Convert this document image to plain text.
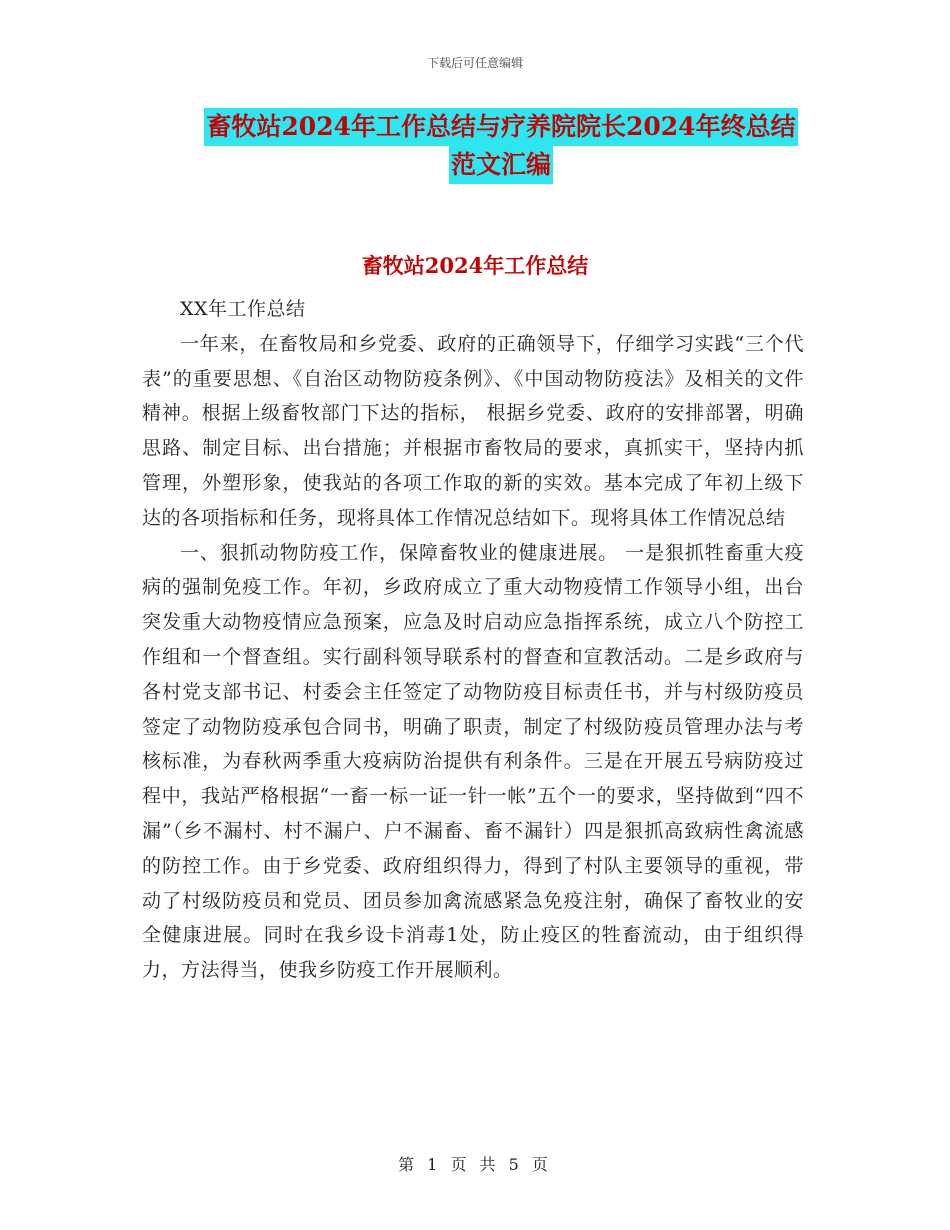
下载后可任意编辑
畜牧站2024年工作总结与疗养院院长2024年终总结
范文汇编
畜牧站2024年工作总结

XX年工作总结

一年来，在畜牧局和乡党委、政府的正确领导下，仔细学习实践“三个代表”的重要思想、《自治区动物防疫条例》、《中国动物防疫法》及相关的文件精神。根据上级畜牧部门下达的指标， 根据乡党委、政府的安排部署，明确思路、制定目标、出台措施；并根据市畜牧局的要求，真抓实干，坚持内抓管理，外塑形象，使我站的各项工作取的新的实效。基本完成了年初上级下达的各项指标和任务，现将具体工作情况总结如下。现将具体工作情况总结

一、狠抓动物防疫工作，保障畜牧业的健康进展。 一是狠抓牲畜重大疫病的强制免疫工作。年初，乡政府成立了重大动物疫情工作领导小组，出台突发重大动物疫情应急预案，应急及时启动应急指挥系统，成立八个防控工作组和一个督查组。实行副科领导联系村的督查和宣教活动。二是乡政府与各村党支部书记、村委会主任签定了动物防疫目标责任书，并与村级防疫员签定了动物防疫承包合同书，明确了职责，制定了村级防疫员管理办法与考核标准，为春秋两季重大疫病防治提供有利条件。三是在开展五号病防疫过程中，我站严格根据“一畜一标一证一针一帐”五个一的要求，坚持做到“四不漏”（乡不漏村、村不漏户、户不漏畜、畜不漏针）四是狠抓高致病性禽流感的防控工作。由于乡党委、政府组织得力，得到了村队主要领导的重视，带动了村级防疫员和党员、团员参加禽流感紧急免疫注射，确保了畜牧业的安全健康进展。同时在我乡设卡消毒1处，防止疫区的牲畜流动，由于组织得力，方法得当，使我乡防疫工作开展顺利。

第 1 页 共 5 页
